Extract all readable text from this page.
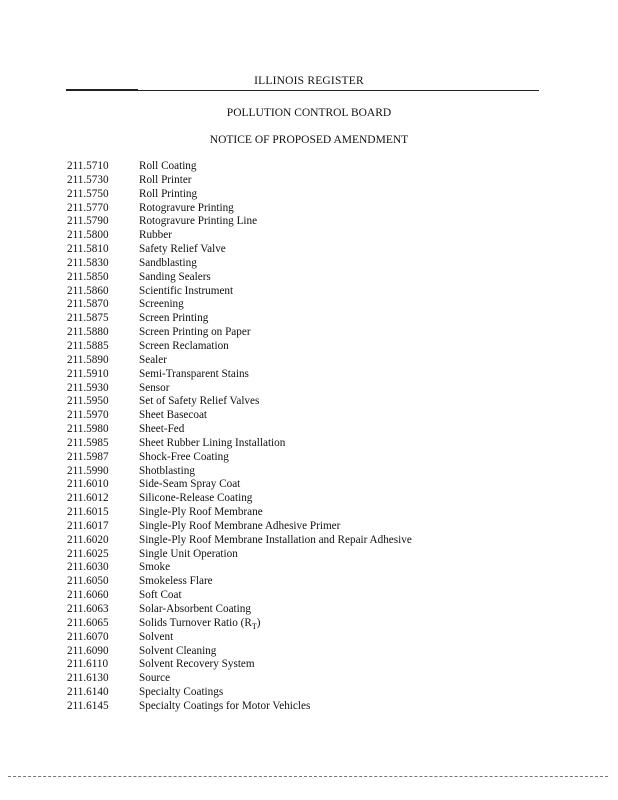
ILLINOIS REGISTER
POLLUTION CONTROL BOARD
NOTICE OF PROPOSED AMENDMENT
211.5710	Roll Coating
211.5730	Roll Printer
211.5750	Roll Printing
211.5770	Rotogravure Printing
211.5790	Rotogravure Printing Line
211.5800	Rubber
211.5810	Safety Relief Valve
211.5830	Sandblasting
211.5850	Sanding Sealers
211.5860	Scientific Instrument
211.5870	Screening
211.5875	Screen Printing
211.5880	Screen Printing on Paper
211.5885	Screen Reclamation
211.5890	Sealer
211.5910	Semi-Transparent Stains
211.5930	Sensor
211.5950	Set of Safety Relief Valves
211.5970	Sheet Basecoat
211.5980	Sheet-Fed
211.5985	Sheet Rubber Lining Installation
211.5987	Shock-Free Coating
211.5990	Shotblasting
211.6010	Side-Seam Spray Coat
211.6012	Silicone-Release Coating
211.6015	Single-Ply Roof Membrane
211.6017	Single-Ply Roof Membrane Adhesive Primer
211.6020	Single-Ply Roof Membrane Installation and Repair Adhesive
211.6025	Single Unit Operation
211.6030	Smoke
211.6050	Smokeless Flare
211.6060	Soft Coat
211.6063	Solar-Absorbent Coating
211.6065	Solids Turnover Ratio $(R_T)$
211.6070	Solvent
211.6090	Solvent Cleaning
211.6110	Solvent Recovery System
211.6130	Source
211.6140	Specialty Coatings
211.6145	Specialty Coatings for Motor Vehicles
